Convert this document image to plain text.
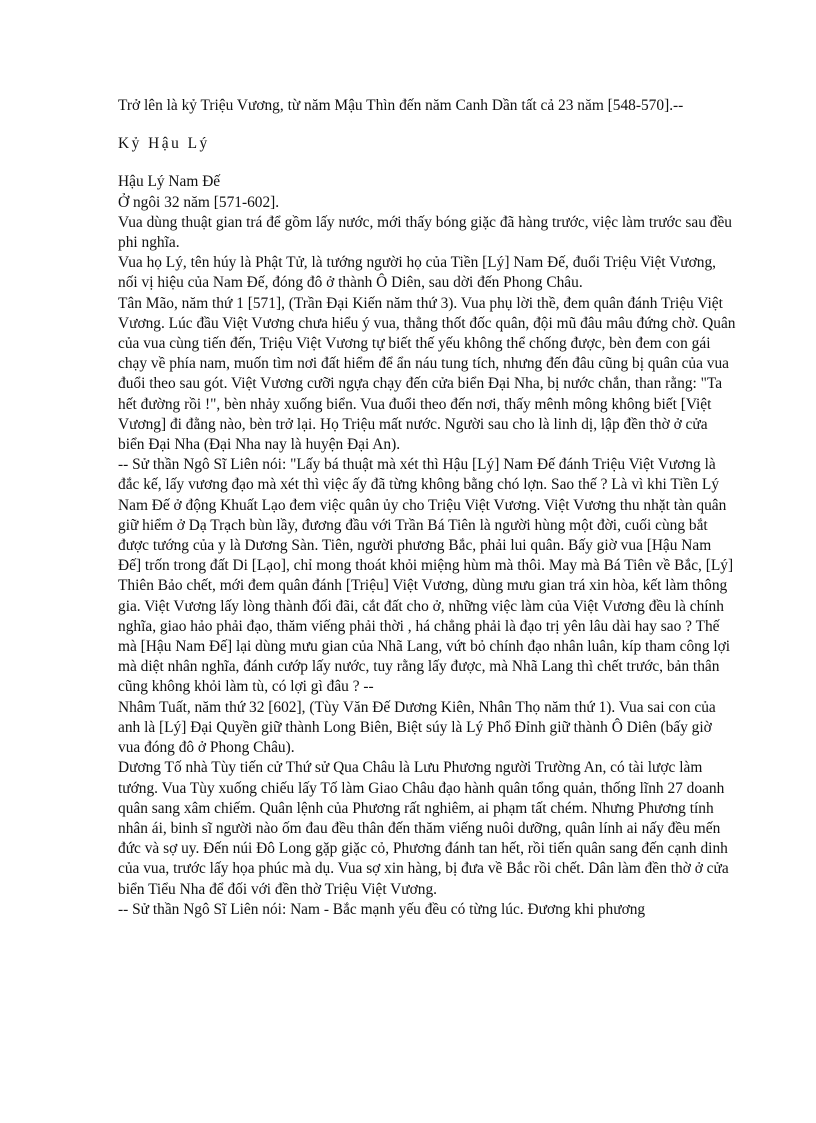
Trở lên là kỷ Triệu Vương, từ năm Mậu Thìn đến năm Canh Dần tất cả 23 năm [548-570].--

Kỷ Hậu Lý

Hậu Lý Nam Đế

Ở ngôi 32 năm [571-602].

Vua dùng thuật gian trá để gồm lấy nước, mới thấy bóng giặc đã hàng trước, việc làm trước sau đều phi nghĩa.

Vua họ Lý, tên húy là Phật Tử, là tướng người họ của Tiền [Lý] Nam Đế, đuổi Triệu Việt Vương, nối vị hiệu của Nam Đế, đóng đô ở thành Ô Diên, sau dời đến Phong Châu.

Tân Mão, năm thứ 1 [571], (Trần Đại Kiến năm thứ 3). Vua phụ lời thề, đem quân đánh Triệu Việt Vương. Lúc đầu Việt Vương chưa hiểu ý vua, thẳng thốt đốc quân, đội mũ đâu mâu đứng chờ. Quân của vua cùng tiến đến, Triệu Việt Vương tự biết thế yếu không thể chống được, bèn đem con gái chạy về phía nam, muốn tìm nơi đất hiểm để ẩn náu tung tích, nhưng đến đâu cũng bị quân của vua đuổi theo sau gót. Việt Vương cưỡi ngựa chạy đến cửa biển Đại Nha, bị nước chắn, than rằng: "Ta hết đường rồi !", bèn nhảy xuống biển. Vua đuổi theo đến nơi, thấy mênh mông không biết [Việt Vương] đi đằng nào, bèn trở lại. Họ Triệu mất nước. Người sau cho là linh dị, lập đền thờ ở cửa biển Đại Nha (Đại Nha nay là huyện Đại An).

-- Sử thần Ngô Sĩ Liên nói: "Lấy bá thuật mà xét thì Hậu [Lý] Nam Đế đánh Triệu Việt Vương là đắc kế, lấy vương đạo mà xét thì việc ấy đã từng không bằng chó lợn. Sao thế ? Là vì khi Tiền Lý Nam Đế ở động Khuất Lạo đem việc quân ủy cho Triệu Việt Vương. Việt Vương thu nhặt tàn quân giữ hiểm ở Dạ Trạch bùn lầy, đương đầu với Trần Bá Tiên là người hùng một đời, cuối cùng bắt được tướng của y là Dương Sàn. Tiên, người phương Bắc, phải lui quân. Bấy giờ vua [Hậu Nam Đế] trốn trong đất Di [Lạo], chỉ mong thoát khỏi miệng hùm mà thôi. May mà Bá Tiên về Bắc, [Lý] Thiên Bảo chết, mới đem quân đánh [Triệu] Việt Vương, dùng mưu gian trá xin hòa, kết làm thông gia. Việt Vương lấy lòng thành đối đãi, cắt đất cho ở, những việc làm của Việt Vương đều là chính nghĩa, giao hảo phải đạo, thăm viếng phải thời , há chẳng phải là đạo trị yên lâu dài hay sao ? Thế mà [Hậu Nam Đế] lại dùng mưu gian của Nhã Lang, vứt bỏ chính đạo nhân luân, kíp tham công lợi mà diệt nhân nghĩa, đánh cướp lấy nước, tuy rằng lấy được, mà Nhã Lang thì chết trước, bản thân cũng không khỏi làm tù, có lợi gì đâu ? --

Nhâm Tuất, năm thứ 32 [602], (Tùy Văn Đế Dương Kiên, Nhân Thọ năm thứ 1). Vua sai con của anh là [Lý] Đại Quyền giữ thành Long Biên, Biệt súy là Lý Phổ Đỉnh giữ thành Ô Diên (bấy giờ vua đóng đô ở Phong Châu).

Dương Tố nhà Tùy tiến cử Thứ sử Qua Châu là Lưu Phương người Trường An, có tài lược làm tướng. Vua Tùy xuống chiếu lấy Tố làm Giao Châu đạo hành quân tổng quản, thống lĩnh 27 doanh quân sang xâm chiếm. Quân lệnh của Phương rất nghiêm, ai phạm tất chém. Nhưng Phương tính nhân ái, binh sĩ người nào ốm đau đều thân đến thăm viếng nuôi dưỡng, quân lính ai nấy đều mến đức và sợ uy. Đến núi Đô Long gặp giặc cỏ, Phương đánh tan hết, rồi tiến quân sang đến cạnh dinh của vua, trước lấy họa phúc mà dụ. Vua sợ xin hàng, bị đưa về Bắc rồi chết. Dân làm đền thờ ở cửa biển Tiểu Nha để đối với đền thờ Triệu Việt Vương.

-- Sử thần Ngô Sĩ Liên nói: Nam - Bắc mạnh yếu đều có từng lúc. Đương khi phương
